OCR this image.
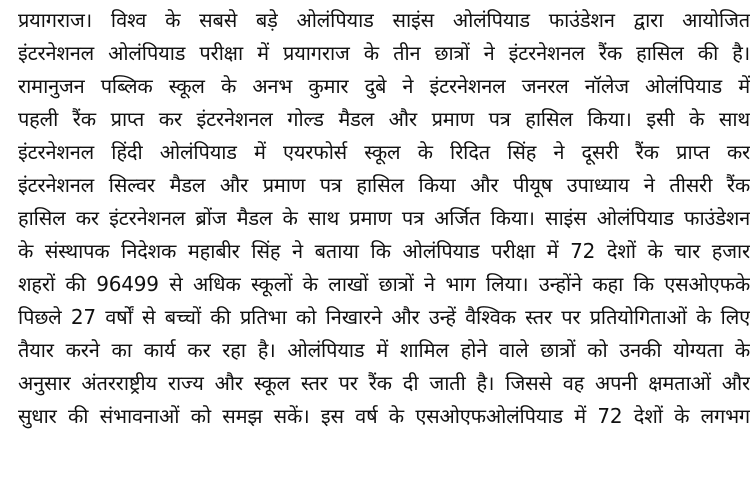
प्रयागराज। विश्व के सबसे बड़े ओलंपियाड साइंस ओलंपियाड फाउंडेशन द्वारा आयोजित
इंटरनेशनल ओलंपियाड परीक्षा में प्रयागराज के तीन छात्रों ने इंटरनेशनल रैंक हासिल की है।
रामानुजन पब्लिक स्कूल के अनभ कुमार दुबे ने इंटरनेशनल जनरल नॉलेज ओलंपियाड में
पहली रैंक प्राप्त कर इंटरनेशनल गोल्ड मैडल और प्रमाण पत्र हासिल किया। इसी के साथ
इंटरनेशनल हिंदी ओलंपियाड में एयरफोर्स स्कूल के रिदित सिंह ने दूसरी रैंक प्राप्त कर
इंटरनेशनल सिल्वर मैडल और प्रमाण पत्र हासिल किया और पीयूष उपाध्याय ने तीसरी रैंक
हासिल कर इंटरनेशनल ब्रोंज मैडल के साथ प्रमाण पत्र अर्जित किया। साइंस ओलंपियाड फाउंडेशन
के संस्थापक निदेशक महाबीर सिंह ने बताया कि ओलंपियाड परीक्षा में 72 देशों के चार हजार
शहरों की 96499 से अधिक स्कूलों के लाखों छात्रों ने भाग लिया। उन्होंने कहा कि एसओएफके
पिछले 27 वर्षों से बच्चों की प्रतिभा को निखारने और उन्हें वैश्विक स्तर पर प्रतियोगिताओं के लिए
तैयार करने का कार्य कर रहा है। ओलंपियाड में शामिल होने वाले छात्रों को उनकी योग्यता के
अनुसार अंतरराष्ट्रीय राज्य और स्कूल स्तर पर रैंक दी जाती है। जिससे वह अपनी क्षमताओं और
सुधार की संभावनाओं को समझ सकें। इस वर्ष के एसओएफओलंपियाड में 72 देशों के लगभग
